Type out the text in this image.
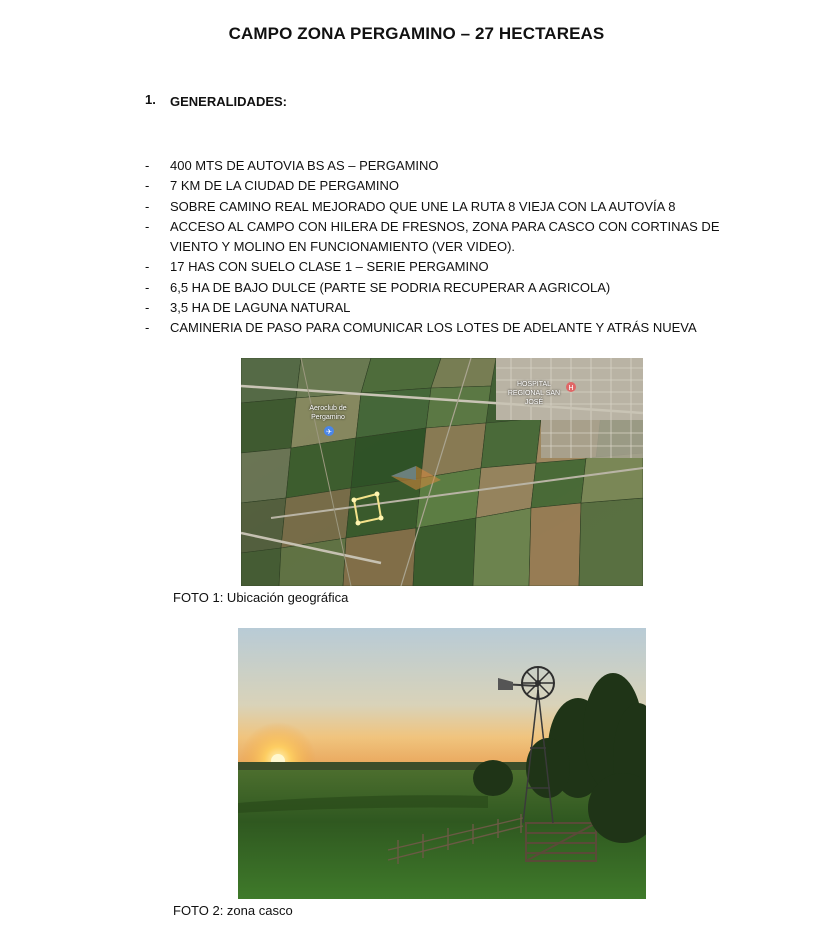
CAMPO ZONA PERGAMINO – 27 HECTAREAS
1. GENERALIDADES:
- 400 MTS DE AUTOVIA BS AS – PERGAMINO
- 7 KM DE LA CIUDAD DE PERGAMINO
- SOBRE CAMINO REAL MEJORADO QUE UNE LA RUTA 8 VIEJA CON LA AUTOVÍA 8
- ACCESO AL CAMPO CON HILERA DE FRESNOS, ZONA PARA CASCO CON CORTINAS DE VIENTO Y MOLINO EN FUNCIONAMIENTO (VER VIDEO).
- 17 HAS CON SUELO CLASE 1 – SERIE PERGAMINO
- 6,5 HA DE BAJO DULCE (PARTE SE PODRIA RECUPERAR A AGRICOLA)
- 3,5 HA DE LAGUNA NATURAL
- CAMINERIA DE PASO PARA COMUNICAR LOS LOTES DE ADELANTE Y ATRÁS NUEVA
✈
H
Aeroclub de Pergamino
HOSPITAL REGIONAL SAN JOSÉ
FOTO 1: Ubicación geográfica
FOTO 2: zona casco
